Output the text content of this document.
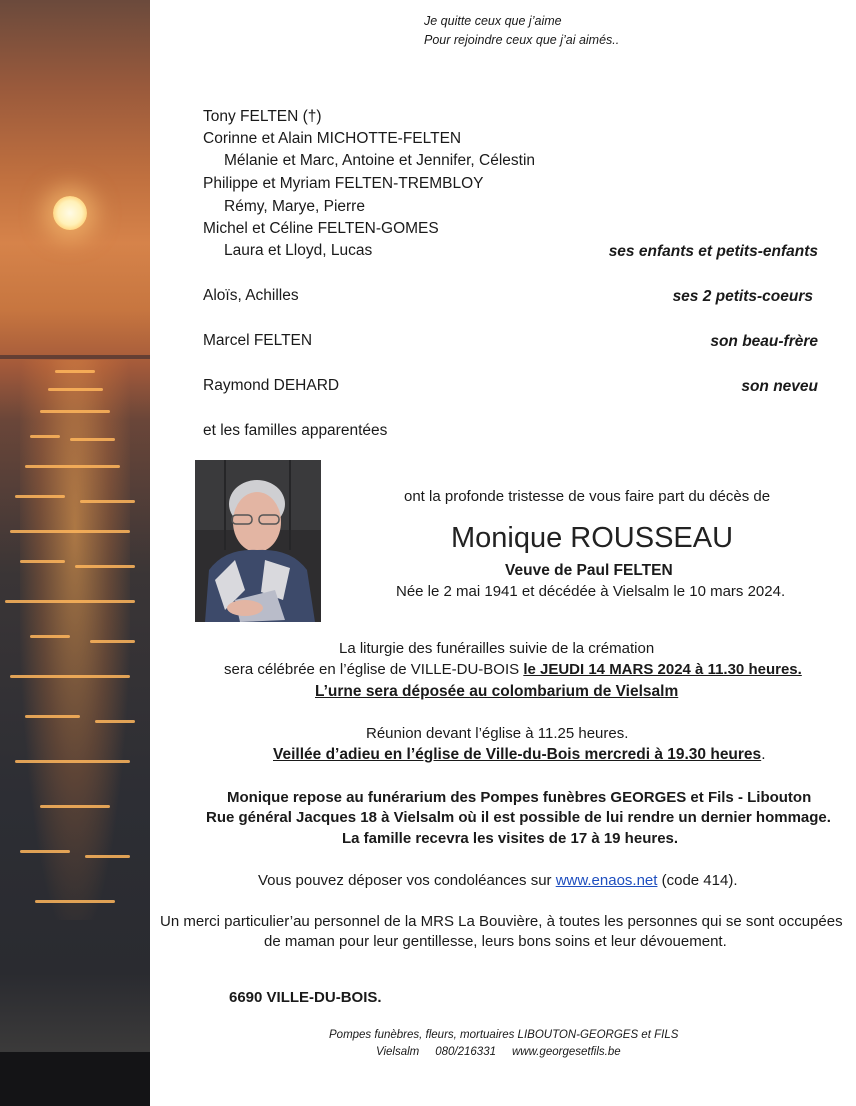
Je quitte ceux que j’aime
Pour rejoindre ceux que j’ai aimés..
Tony FELTEN (†)
Corinne et Alain MICHOTTE-FELTEN
Mélanie et Marc, Antoine et Jennifer, Célestin
Philippe et Myriam FELTEN-TREMBLOY
Rémy, Marye, Pierre
Michel et Céline FELTEN-GOMES
Laura et Lloyd, Lucas	ses enfants et petits-enfants
Aloïs, Achilles	ses 2 petits-coeurs
Marcel FELTEN	son beau-frère
Raymond DEHARD	son neveu
et les familles apparentées
ont la profonde tristesse de vous faire part du décès de
Monique ROUSSEAU
Veuve de Paul FELTEN
Née le 2 mai 1941 et décédée à Vielsalm le 10 mars 2024.
La liturgie des funérailles suivie de la crémation
sera célébrée en l’église de VILLE-DU-BOIS le JEUDI 14 MARS 2024 à 11.30 heures.
L’urne sera déposée au colombarium de Vielsalm
Réunion devant l’église à 11.25 heures.
Veillée d’adieu en l’église de Ville-du-Bois mercredi à 19.30 heures.
Monique repose au funérarium des Pompes funèbres GEORGES et Fils - Libouton
Rue général Jacques 18 à Vielsalm où il est possible de lui rendre un dernier hommage.
La famille recevra les visites de 17 à 19 heures.
Vous pouvez déposer vos condoléances sur www.enaos.net (code 414).
Un merci particulier’au personnel de la MRS La Bouvière, à toutes les personnes qui se sont occupées
de maman pour leur gentillesse, leurs bons soins et leur dévouement.
6690 VILLE-DU-BOIS.
Pompes funèbres, fleurs, mortuaires LIBOUTON-GEORGES et FILS
Vielsalm     080/216331     www.georgesetfils.be
